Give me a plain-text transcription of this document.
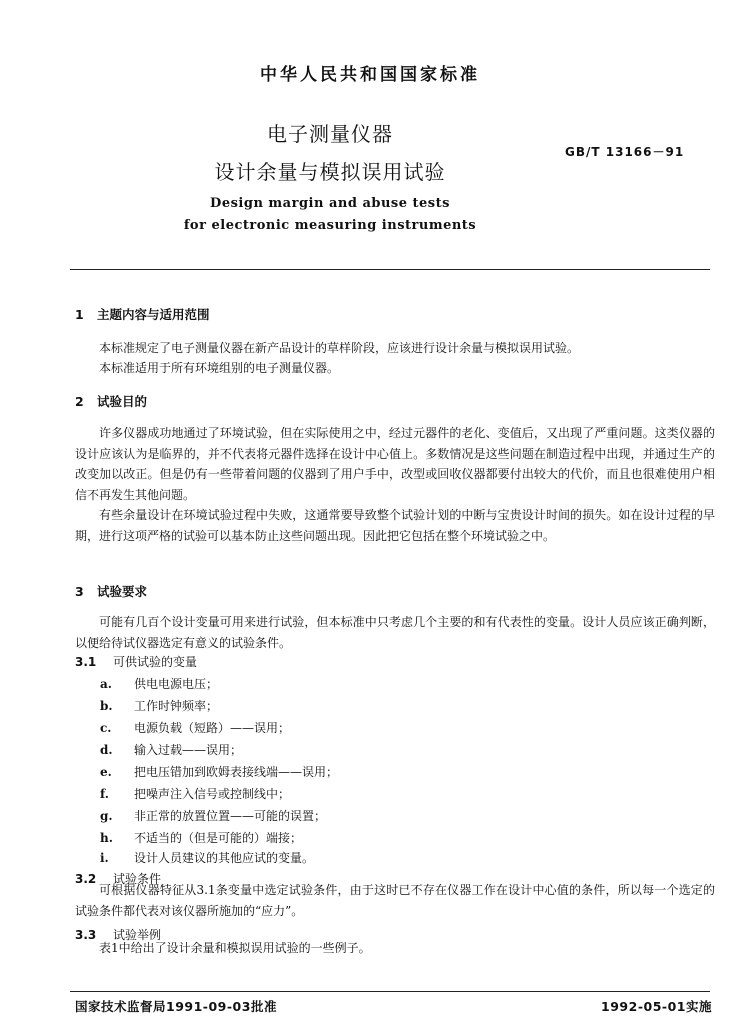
中华人民共和国国家标准
电子测量仪器
设计余量与模拟误用试验
GB/T 13166－91
Design margin and abuse tests
for electronic measuring instruments
1 主题内容与适用范围
本标准规定了电子测量仪器在新产品设计的草样阶段，应该进行设计余量与模拟误用试验。
本标准适用于所有环境组别的电子测量仪器。
2 试验目的
许多仪器成功地通过了环境试验，但在实际使用之中，经过元器件的老化、变值后，又出现了严重问题。这类仪器的设计应该认为是临界的，并不代表将元器件选择在设计中心值上。多数情况是这些问题在制造过程中出现，并通过生产的改变加以改正。但是仍有一些带着问题的仪器到了用户手中，改型或回收仪器都要付出较大的代价，而且也很难使用户相信不再发生其他问题。
有些余量设计在环境试验过程中失败，这通常要导致整个试验计划的中断与宝贵设计时间的损失。如在设计过程的早期，进行这项严格的试验可以基本防止这些问题出现。因此把它包括在整个环境试验之中。
3 试验要求
可能有几百个设计变量可用来进行试验，但本标准中只考虑几个主要的和有代表性的变量。设计人员应该正确判断，以便给待试仪器选定有意义的试验条件。
3.1 可供试验的变量
a. 供电电源电压；
b. 工作时钟频率；
c. 电源负载（短路）——误用；
d. 输入过载——误用；
e. 把电压错加到欧姆表接线端——误用；
f. 把噪声注入信号或控制线中；
g. 非正常的放置位置——可能的误置；
h. 不适当的（但是可能的）端接；
i. 设计人员建议的其他应试的变量。
3.2 试验条件
可根据仪器特征从3.1条变量中选定试验条件，由于这时已不存在仪器工作在设计中心值的条件，所以每一个选定的试验条件都代表对该仪器所施加的“应力”。
3.3 试验举例
表1中给出了设计余量和模拟误用试验的一些例子。
国家技术监督局1991-09-03批准	1992-05-01实施
